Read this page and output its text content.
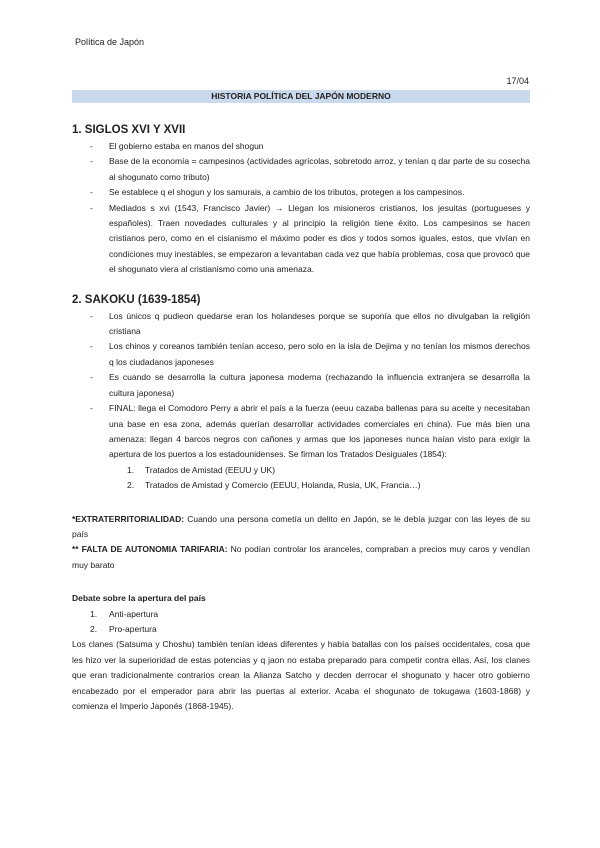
Política de Japón
17/04
HISTORIA POLÍTICA DEL JAPÓN MODERNO
1. SIGLOS XVI Y XVII
- El gobierno estaba en manos del shogun
- Base de la economía = campesinos (actividades agrícolas, sobretodo arroz, y tenían q dar parte de su cosecha al shogunato como tributo)
- Se establece q el shogun y los samurais, a cambio de los tributos, protegen a los campesinos.
- Mediados s xvi (1543, Francisco Javier) → Llegan los misioneros cristianos, los jesuitas (portugueses y españoles). Traen novedades culturales y al principio la religión tiene éxito. Los campesinos se hacen cristianos pero, como en el cisianismo el máximo poder es dios y todos somos iguales, estos, que vivían en condiciones muy inestables, se empezaron a levantaban cada vez que había problemas, cosa que provocó que el shogunato viera al cristianismo como una amenaza.
2. SAKOKU (1639-1854)
- Los únicos q pudieon quedarse eran los holandeses porque se suponía que ellos no divulgaban la religión cristiana
- Los chinos y coreanos también tenían acceso, pero solo en la isla de Dejima y no tenían los mismos derechos q los ciudadanos japoneses
- Es cuando se desarrolla la cultura japonesa moderna (rechazando la influencia extranjera se desarrolla la cultura japonesa)
- FINAL: llega el Comodoro Perry a abrir el país a la fuerza (eeuu cazaba ballenas para su aceite y necesitaban una base en esa zona, además querían desarrollar actividades comerciales en china). Fue más bien una amenaza: llegan 4 barcos negros con cañones y armas que los japoneses nunca haían visto para exigir la apertura de los puertos a los estadounidenses. Se firman los Tratados Desiguales (1854):
1. Tratados de Amistad (EEUU y UK)
2. Tratados de Amistad y Comercio (EEUU, Holanda, Rusia, UK, Francia…)

*EXTRATERRITORIALIDAD: Cuando una persona cometía un delito en Japón, se le debía juzgar con las leyes de su país

** FALTA DE AUTONOMIA TARIFARIA: No podían controlar los aranceles, compraban a precios muy caros y vendían muy barato

Debate sobre la apertura del país

1. Anti-apertura
2. Pro-apertura

Los clanes (Satsuma y Choshu) también tenían ideas diferentes y había batallas con los países occidentales, cosa que les hizo ver la superioridad de estas potencias y q jaon no estaba preparado para competir contra ellas. Así, los clanes que eran tradicionalmente contrarios crean la Alianza Satcho y decden derrocar el shogunato y hacer otro gobierno encabezado por el emperador para abrir las puertas al exterior. Acaba el shogunato de tokugawa (1603-1868) y comienza el Imperio Japonés (1868-1945).
